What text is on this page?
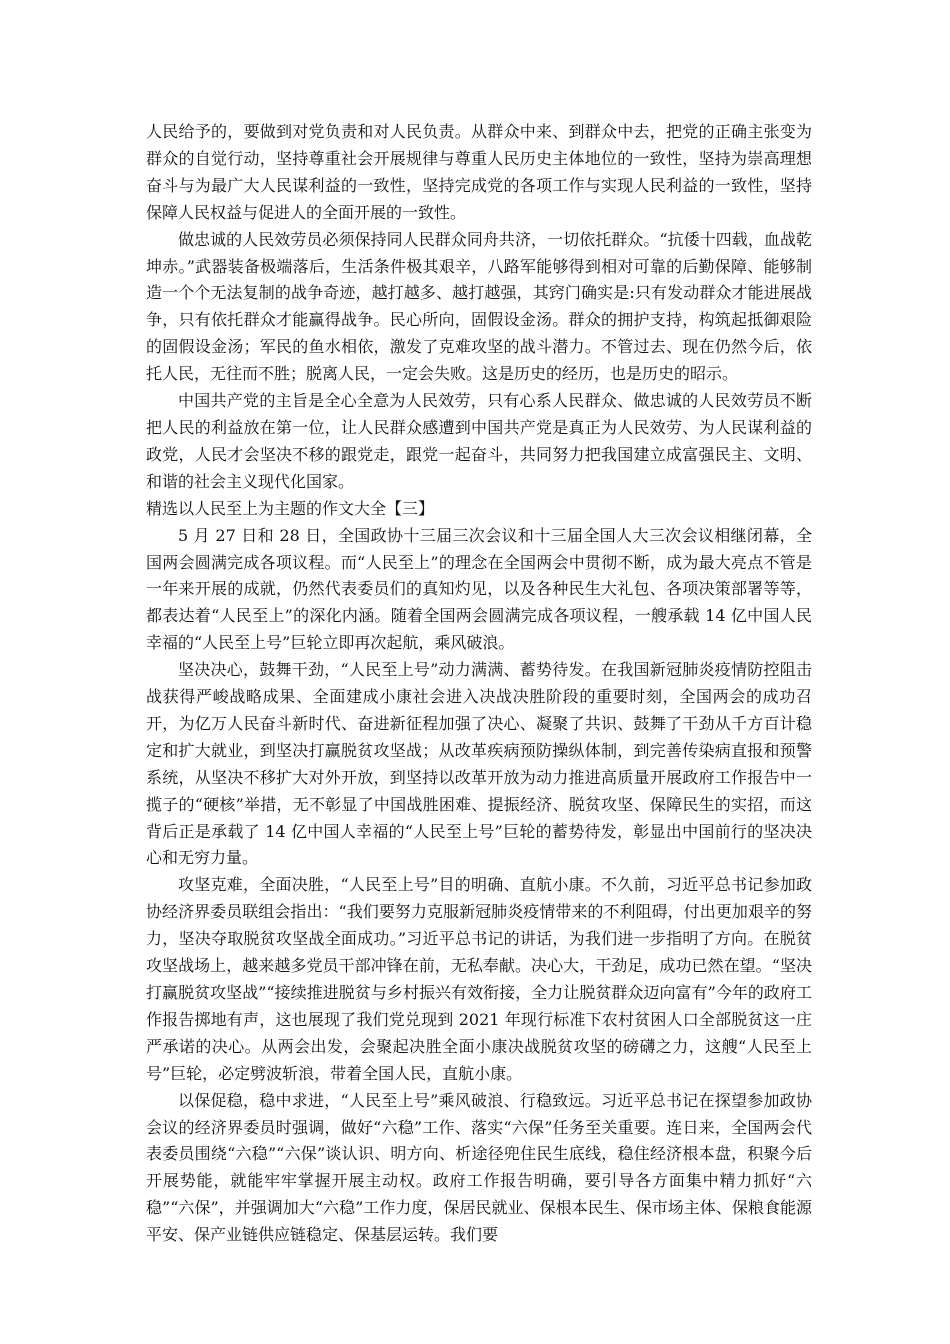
人民给予的，要做到对党负责和对人民负责。从群众中来、到群众中去，把党的正确主张变为群众的自觉行动，坚持尊重社会开展规律与尊重人民历史主体地位的一致性，坚持为崇高理想奋斗与为最广大人民谋利益的一致性，坚持完成党的各项工作与实现人民利益的一致性，坚持保障人民权益与促进人的全面开展的一致性。

做忠诚的人民效劳员必须保持同人民群众同舟共济，一切依托群众。“抗倭十四载，血战乾坤赤。”武器装备极端落后，生活条件极其艰辛，八路军能够得到相对可靠的后勤保障、能够制造一个个无法复制的战争奇迹，越打越多、越打越强，其窍门确实是:只有发动群众才能进展战争，只有依托群众才能赢得战争。民心所向，固假设金汤。群众的拥护支持，构筑起抵御艰险的固假设金汤；军民的鱼水相依，激发了克难攻坚的战斗潜力。不管过去、现在仍然今后，依托人民，无往而不胜；脱离人民，一定会失败。这是历史的经历，也是历史的昭示。

中国共产党的主旨是全心全意为人民效劳，只有心系人民群众、做忠诚的人民效劳员不断把人民的利益放在第一位，让人民群众感遭到中国共产党是真正为人民效劳、为人民谋利益的政党，人民才会坚决不移的跟党走，跟党一起奋斗，共同努力把我国建立成富强民主、文明、和谐的社会主义现代化国家。

精选以人民至上为主题的作文大全【三】

5 月 27 日和 28 日，全国政协十三届三次会议和十三届全国人大三次会议相继闭幕，全国两会圆满完成各项议程。而“人民至上”的理念在全国两会中贯彻不断，成为最大亮点不管是一年来开展的成就，仍然代表委员们的真知灼见，以及各种民生大礼包、各项决策部署等等，都表达着“人民至上”的深化内涵。随着全国两会圆满完成各项议程，一艘承载 14 亿中国人民幸福的“人民至上号”巨轮立即再次起航，乘风破浪。

坚决决心，鼓舞干劲，“人民至上号”动力满满、蓄势待发。在我国新冠肺炎疫情防控阻击战获得严峻战略成果、全面建成小康社会进入决战决胜阶段的重要时刻，全国两会的成功召开，为亿万人民奋斗新时代、奋进新征程加强了决心、凝聚了共识、鼓舞了干劲从千方百计稳定和扩大就业，到坚决打赢脱贫攻坚战；从改革疾病预防操纵体制，到完善传染病直报和预警系统，从坚决不移扩大对外开放，到坚持以改革开放为动力推进高质量开展政府工作报告中一揽子的“硬核”举措，无不彰显了中国战胜困难、提振经济、脱贫攻坚、保障民生的实招，而这背后正是承载了 14 亿中国人幸福的“人民至上号”巨轮的蓄势待发，彰显出中国前行的坚决决心和无穷力量。

攻坚克难，全面决胜，“人民至上号”目的明确、直航小康。不久前，习近平总书记参加政协经济界委员联组会指出：“我们要努力克服新冠肺炎疫情带来的不利阻碍，付出更加艰辛的努力，坚决夺取脱贫攻坚战全面成功。”习近平总书记的讲话，为我们进一步指明了方向。在脱贫攻坚战场上，越来越多党员干部冲锋在前，无私奉献。决心大，干劲足，成功已然在望。“坚决打赢脱贫攻坚战”“接续推进脱贫与乡村振兴有效衔接，全力让脱贫群众迈向富有”今年的政府工作报告掷地有声，这也展现了我们党兑现到 2021 年现行标准下农村贫困人口全部脱贫这一庄严承诺的决心。从两会出发，会聚起决胜全面小康决战脱贫攻坚的磅礴之力，这艘“人民至上号”巨轮，必定劈波斩浪，带着全国人民，直航小康。

以保促稳，稳中求进，“人民至上号”乘风破浪、行稳致远。习近平总书记在探望参加政协会议的经济界委员时强调，做好“六稳”工作、落实“六保”任务至关重要。连日来，全国两会代表委员围绕“六稳”“六保”谈认识、明方向、析途径兜住民生底线，稳住经济根本盘，积聚今后开展势能，就能牢牢掌握开展主动权。政府工作报告明确，要引导各方面集中精力抓好“六稳”“六保”，并强调加大“六稳”工作力度，保居民就业、保根本民生、保市场主体、保粮食能源平安、保产业链供应链稳定、保基层运转。我们要
